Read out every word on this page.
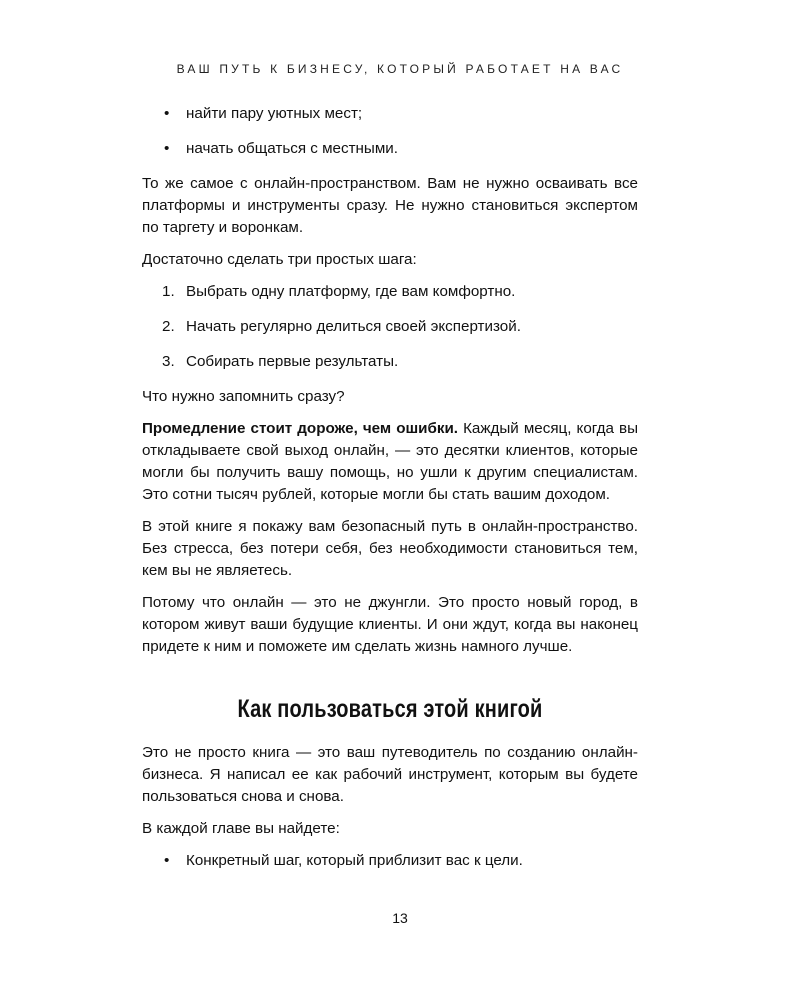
ВАШ ПУТЬ К БИЗНЕСУ, КОТОРЫЙ РАБОТАЕТ НА ВАС
• найти пару уютных мест;
• начать общаться с местными.

То же самое с онлайн-пространством. Вам не нужно осваивать все платформы и инструменты сразу. Не нужно становиться экспертом по таргету и воронкам.

Достаточно сделать три простых шага:

1. Выбрать одну платформу, где вам комфортно.
2. Начать регулярно делиться своей экспертизой.
3. Собирать первые результаты.

Что нужно запомнить сразу?

Промедление стоит дороже, чем ошибки. Каждый месяц, когда вы откладываете свой выход онлайн, — это десятки клиентов, которые могли бы получить вашу помощь, но ушли к другим специалистам. Это сотни тысяч рублей, которые могли бы стать вашим доходом.

В этой книге я покажу вам безопасный путь в онлайн-пространство. Без стресса, без потери себя, без необходимости становиться тем, кем вы не являетесь.

Потому что онлайн — это не джунгли. Это просто новый город, в котором живут ваши будущие клиенты. И они ждут, когда вы наконец придете к ним и поможете им сделать жизнь намного лучше.

Как пользоваться этой книгой

Это не просто книга — это ваш путеводитель по созданию онлайн-бизнеса. Я написал ее как рабочий инструмент, которым вы будете пользоваться снова и снова.

В каждой главе вы найдете:

• Конкретный шаг, который приблизит вас к цели.
13
